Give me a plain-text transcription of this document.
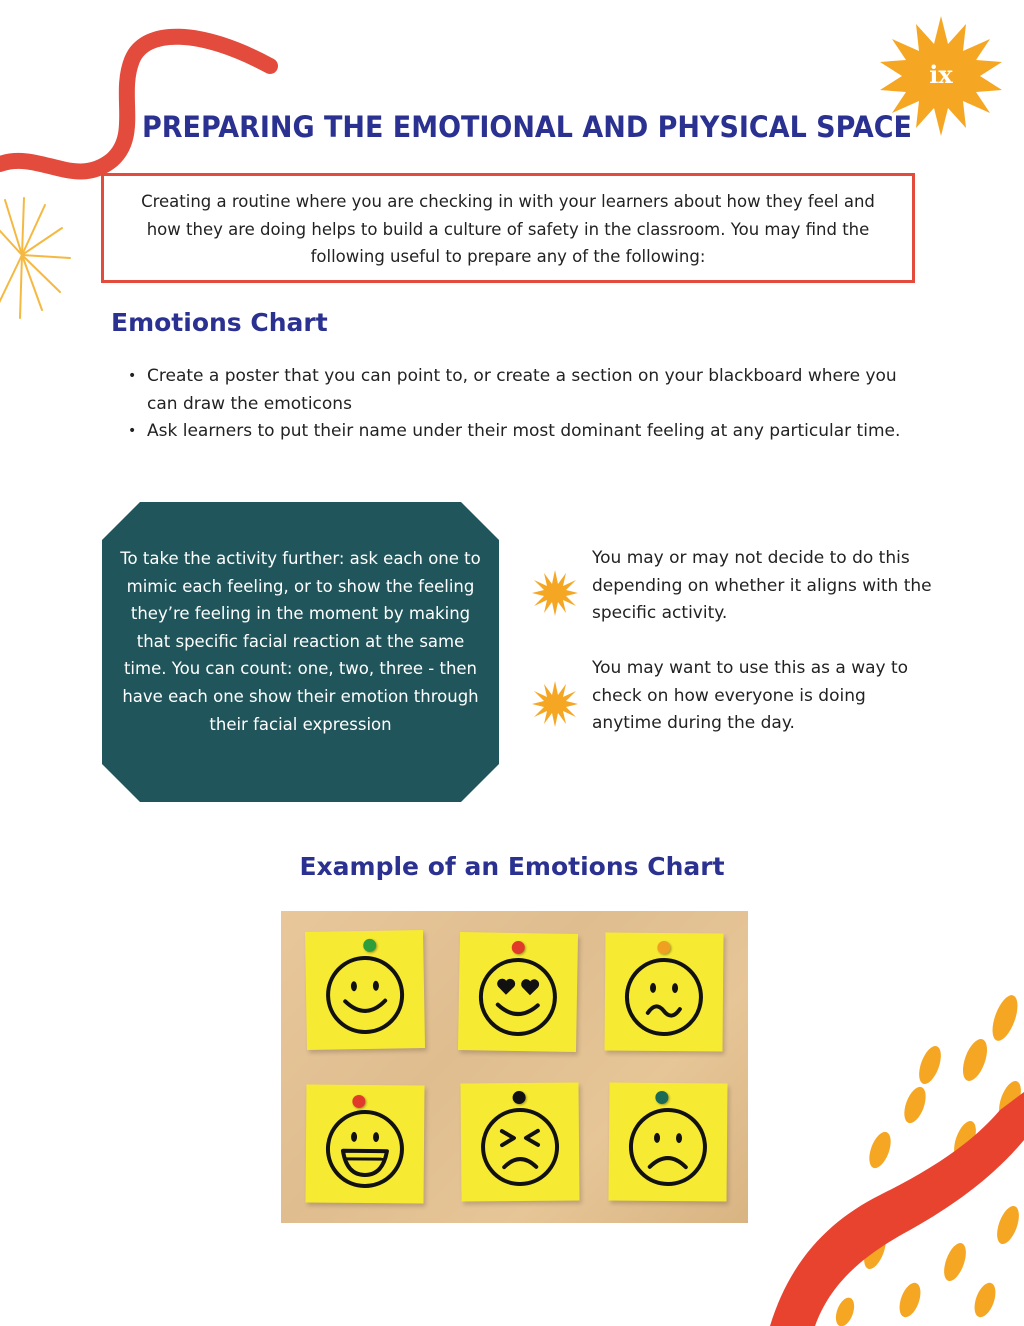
ix
PREPARING THE EMOTIONAL AND PHYSICAL SPACE
Creating a routine where you are checking in with your learners about how they feel and how they are doing helps to build a culture of safety in the classroom. You may find the following useful to prepare any of the following:
Emotions Chart
• Create a poster that you can point to, or create a section on your blackboard where you can draw the emoticons
• Ask learners to put their name under their most dominant feeling at any particular time.
To take the activity further: ask each one to mimic each feeling, or to show the feeling they’re feeling in the moment by making that specific facial reaction at the same time. You can count: one, two, three - then have each one show their emotion through their facial expression
You may or may not decide to do this depending on whether it aligns with the specific activity.
You may want to use this as a way to check on how everyone is doing anytime during the day.
Example of an Emotions Chart
